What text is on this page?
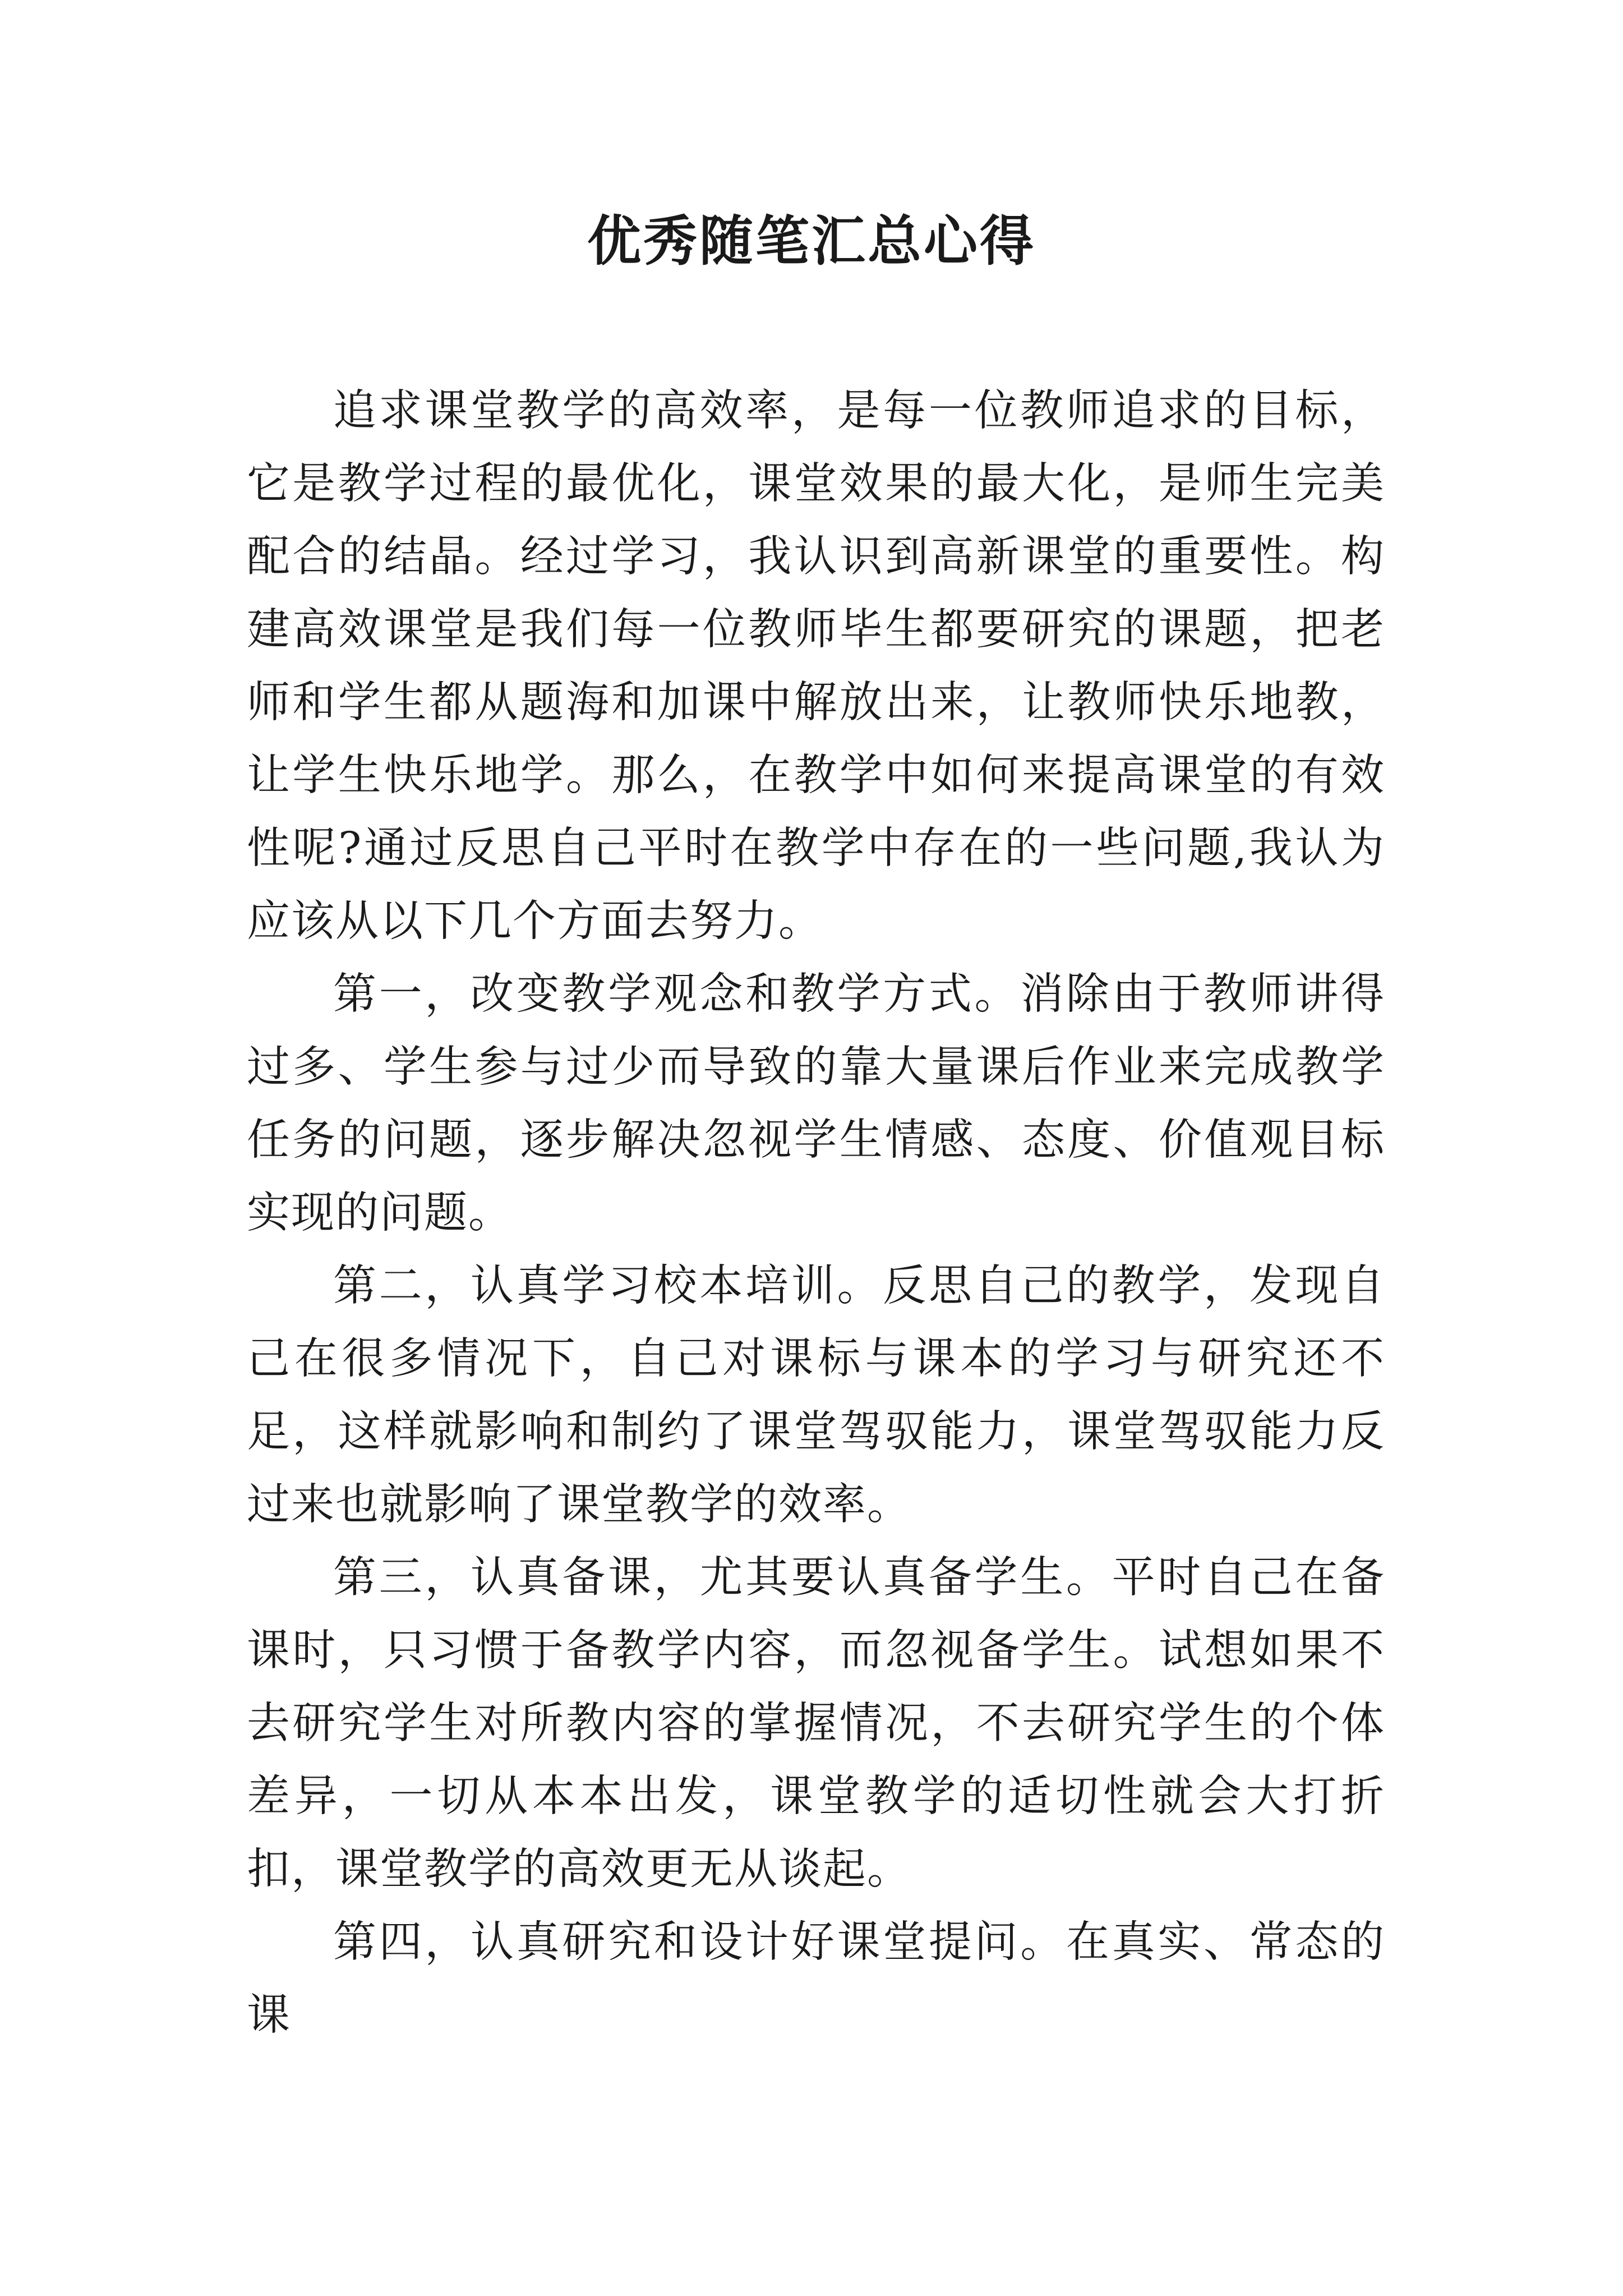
优秀随笔汇总心得

追求课堂教学的高效率，是每一位教师追求的目标，它是教学过程的最优化，课堂效果的最大化，是师生完美配合的结晶。经过学习，我认识到高新课堂的重要性。构建高效课堂是我们每一位教师毕生都要研究的课题，把老师和学生都从题海和加课中解放出来，让教师快乐地教，让学生快乐地学。那么，在教学中如何来提高课堂的有效性呢?通过反思自己平时在教学中存在的一些问题,我认为应该从以下几个方面去努力。

第一，改变教学观念和教学方式。消除由于教师讲得过多、学生参与过少而导致的靠大量课后作业来完成教学任务的问题，逐步解决忽视学生情感、态度、价值观目标实现的问题。

第二，认真学习校本培训。反思自己的教学，发现自己在很多情况下，自己对课标与课本的学习与研究还不足，这样就影响和制约了课堂驾驭能力，课堂驾驭能力反过来也就影响了课堂教学的效率。

第三，认真备课，尤其要认真备学生。平时自己在备课时，只习惯于备教学内容，而忽视备学生。试想如果不去研究学生对所教内容的掌握情况，不去研究学生的个体差异，一切从本本出发，课堂教学的适切性就会大打折扣，课堂教学的高效更无从谈起。

第四，认真研究和设计好课堂提问。在真实、常态的课
